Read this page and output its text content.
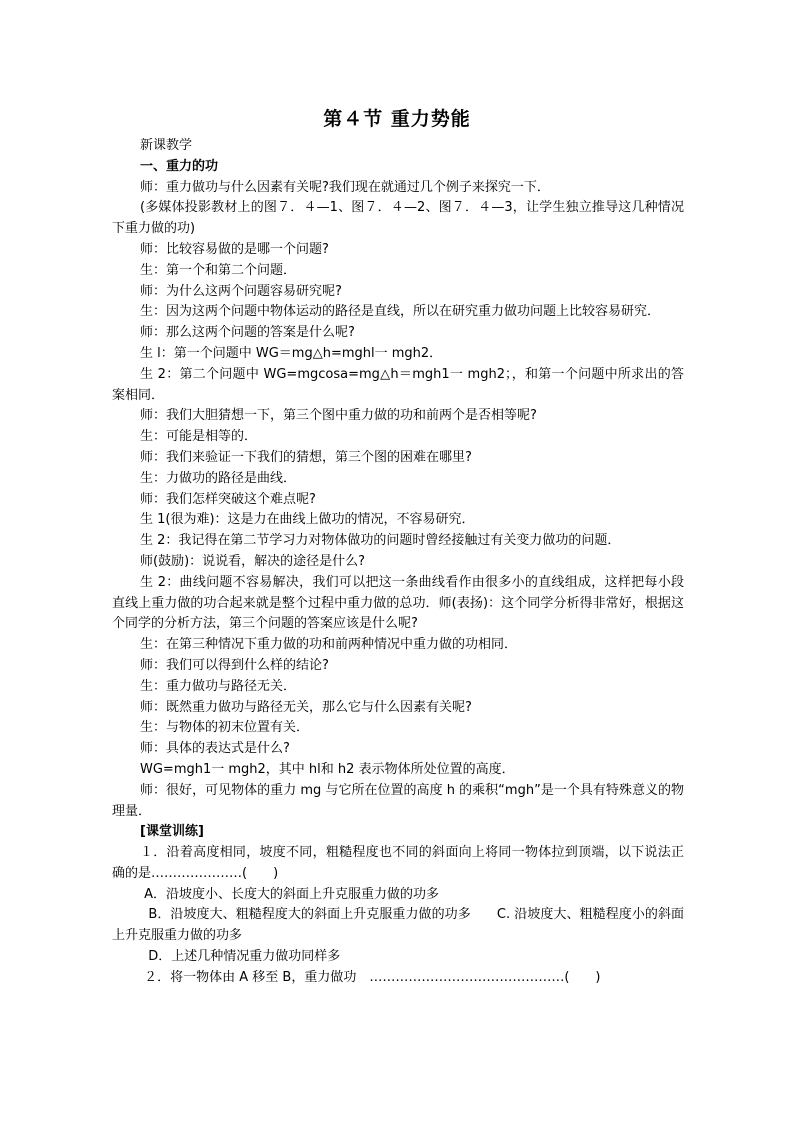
第４节 重力势能

新课教学

一、重力的功

师：重力做功与什么因素有关呢?我们现在就通过几个例子来探究一下．

(多媒体投影教材上的图７．４—1、图７．４—2、图７．４—3，让学生独立推导这几种情况下重力做的功)

师：比较容易做的是哪一个问题?

生：第一个和第二个问题．

师：为什么这两个问题容易研究呢?

生：因为这两个问题中物体运动的路径是直线，所以在研究重力做功问题上比较容易研究．

师：那么这两个问题的答案是什么呢?

生 l：第一个问题中 WG＝mg△h=mghl一 mgh2．

生 2：第二个问题中 WG=mgcosa=mg△h＝mgh1一 mgh2；，和第一个问题中所求出的答案相同．

师：我们大胆猜想一下，第三个图中重力做的功和前两个是否相等呢?

生：可能是相等的．

师：我们来验证一下我们的猜想，第三个图的困难在哪里?

生：力做功的路径是曲线．

师：我们怎样突破这个难点呢?

生 1(很为难)：这是力在曲线上做功的情况，不容易研究．

生 2：我记得在第二节学习力对物体做功的问题时曾经接触过有关变力做功的问题．

师(鼓励)：说说看，解决的途径是什么?

生 2：曲线问题不容易解决，我们可以把这一条曲线看作由很多小的直线组成，这样把每小段直线上重力做的功合起来就是整个过程中重力做的总功．师(表扬)：这个同学分析得非常好，根据这个同学的分析方法，第三个问题的答案应该是什么呢?

生：在第三种情况下重力做的功和前两种情况中重力做的功相同．

师：我们可以得到什么样的结论?

生：重力做功与路径无关．

师：既然重力做功与路径无关，那么它与什么因素有关呢?

生：与物体的初末位置有关．

师：具体的表达式是什么?

WG=mgh1一 mgh2，其中 hl和 h2 表示物体所处位置的高度．

师：很好，可见物体的重力 mg 与它所在位置的高度 h 的乘积“mgh”是一个具有特殊意义的物理量．

[课堂训练]

１．沿着高度相同，坡度不同，粗糙程度也不同的斜面向上将同一物体拉到顶端，以下说法正确的是…………………(　　)

A．沿坡度小、长度大的斜面上升克服重力做的功多

B．沿坡度大、粗糙程度大的斜面上升克服重力做的功多　　C. 沿坡度大、粗糙程度小的斜面上升克服重力做的功多

D．上述几种情况重力做功同样多

２．将一物体由 A 移至 B，重力做功　………………………………………(　　)
